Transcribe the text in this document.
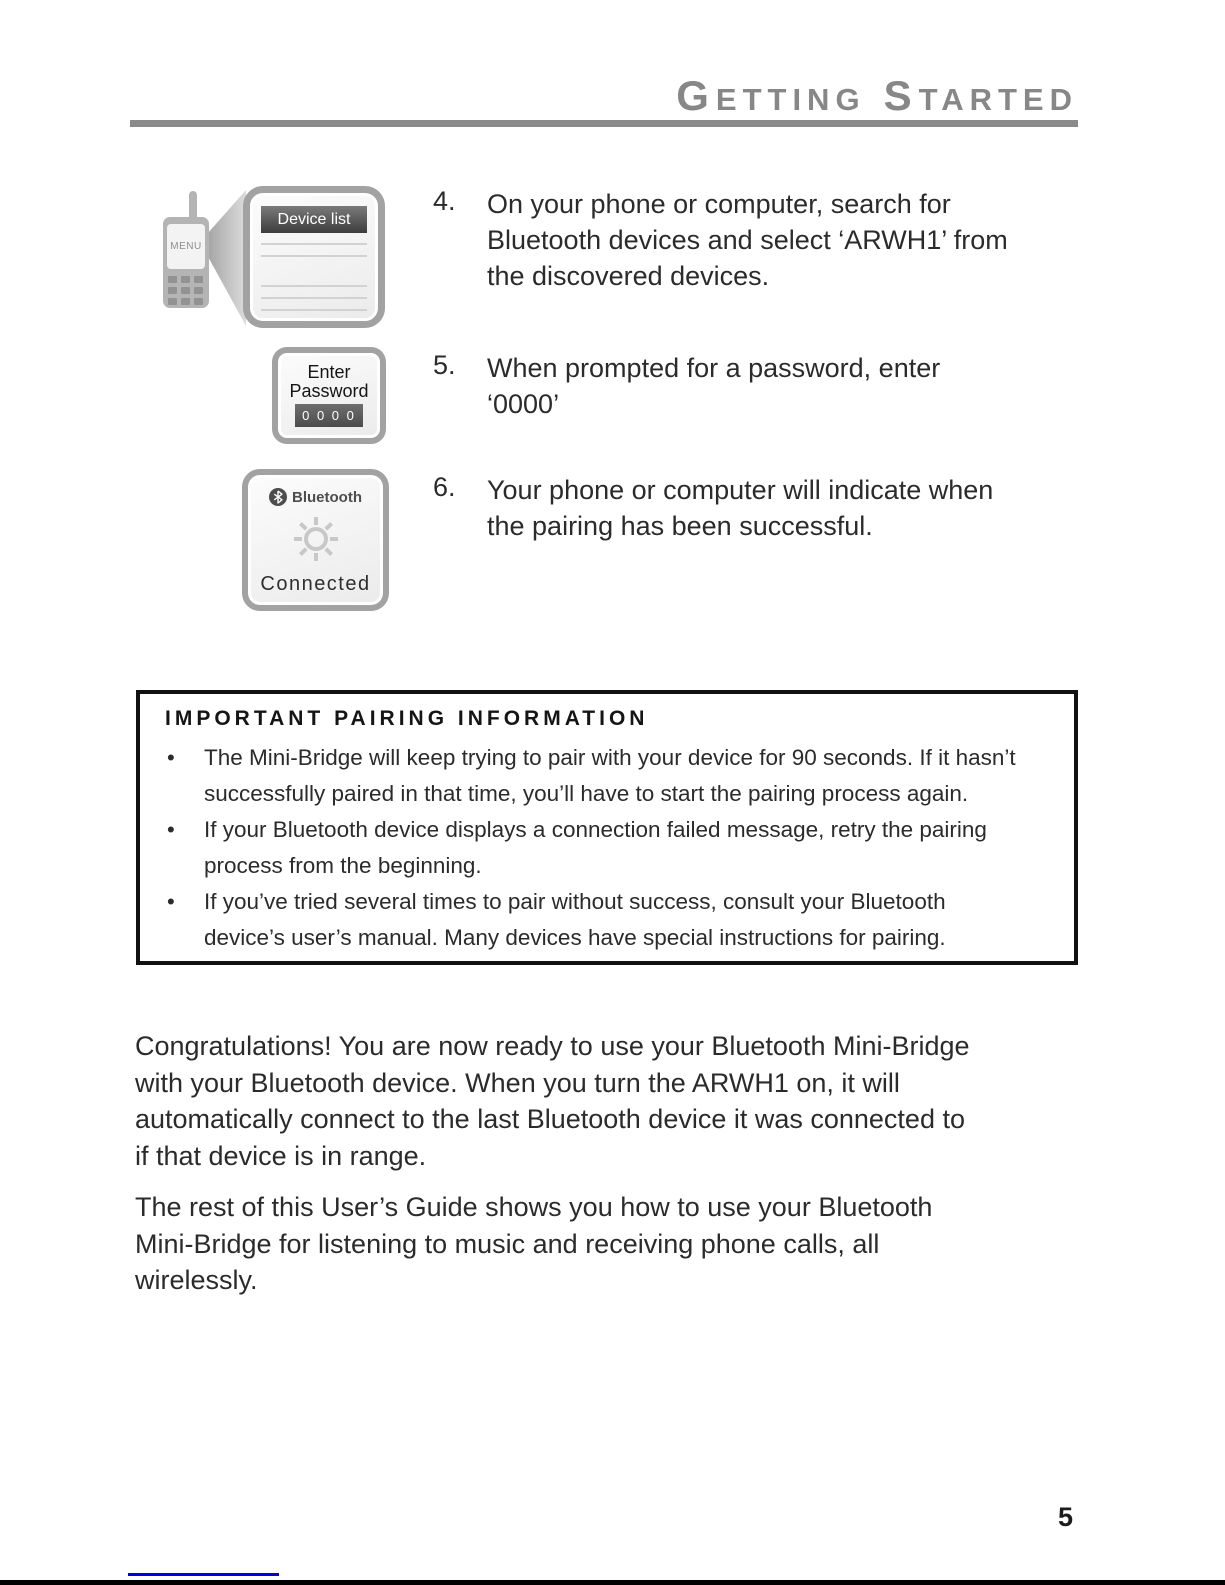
GETTING STARTED
MENU
Device list
4. On your phone or computer, search for
Bluetooth devices and select ‘ARWH1’ from
the discovered devices.
Enter
Password
0 0 0 0
5. When prompted for a password, enter
‘0000’
Bluetooth
Connected
6. Your phone or computer will indicate when
the pairing has been successful.
IMPORTANT PAIRING INFORMATION
•	The Mini-Bridge will keep trying to pair with your device for 90 seconds. If it hasn’t
successfully paired in that time, you’ll have to start the pairing process again.
•	If your Bluetooth device displays a connection failed message, retry the pairing
process from the beginning.
•	If you’ve tried several times to pair without success, consult your Bluetooth
device’s user’s manual. Many devices have special instructions for pairing.
Congratulations! You are now ready to use your Bluetooth Mini-Bridge
with your Bluetooth device. When you turn the ARWH1 on, it will
automatically connect to the last Bluetooth device it was connected to
if that device is in range.
The rest of this User’s Guide shows you how to use your Bluetooth
Mini-Bridge for listening to music and receiving phone calls, all
wirelessly.
5
